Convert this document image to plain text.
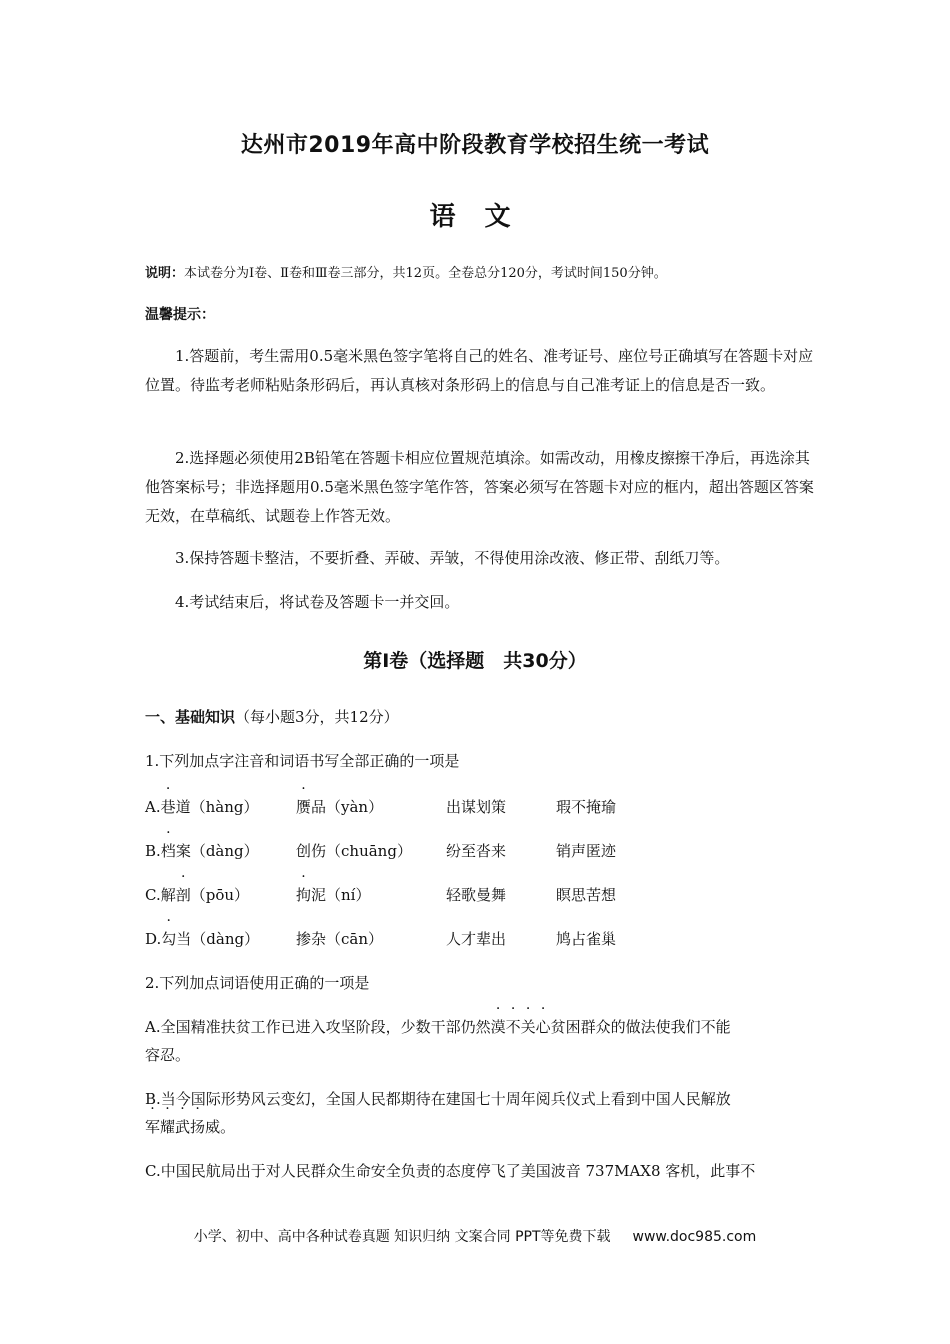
达州市2019年高中阶段教育学校招生统一考试
语 文
说明：本试卷分为Ⅰ卷、Ⅱ卷和Ⅲ卷三部分，共12页。全卷总分120分，考试时间150分钟。
温馨提示：
1.答题前，考生需用0.5毫米黑色签字笔将自己的姓名、准考证号、座位号正确填写在答题卡对应位置。待监考老师粘贴条形码后，再认真核对条形码上的信息与自己准考证上的信息是否一致。
2.选择题必须使用2B铅笔在答题卡相应位置规范填涂。如需改动，用橡皮擦擦干净后，再选涂其他答案标号；非选择题用0.5毫米黑色签字笔作答，答案必须写在答题卡对应的框内，超出答题区答案无效，在草稿纸、试题卷上作答无效。
3.保持答题卡整洁，不要折叠、弄破、弄皱，不得使用涂改液、修正带、刮纸刀等。
4.考试结束后，将试卷及答题卡一并交回。
第Ⅰ卷（选择题　共30分）
一、基础知识（每小题3分，共12分）
1.下列加点字注音和词语书写全部正确的一项是
A.巷道（hàng）	赝品（yàn）	出谋划策	瑕不掩瑜
B.档案（dàng） 创伤（chuāng） 纷至沓来	销声匿迹
C.解剖（pōu）	拘泥（ní）	轻歌曼舞	瞑思苦想
D.勾当（dàng） 掺杂（cān）	人才辈出	鸠占雀巢
2.下列加点词语使用正确的一项是
A.全国精准扶贫工作已进入攻坚阶段，少数干部仍然漠不关心贫困群众的做法使我们不能
容忍。
B.当今国际形势风云变幻，全国人民都期待在建国七十周年阅兵仪式上看到中国人民解放
军耀武扬威。
C.中国民航局出于对人民群众生命安全负责的态度停飞了美国波音 737MAX8 客机，此事不
小学、初中、高中各种试卷真题 知识归纳 文案合同 PPT等免费下载 www.doc985.com
